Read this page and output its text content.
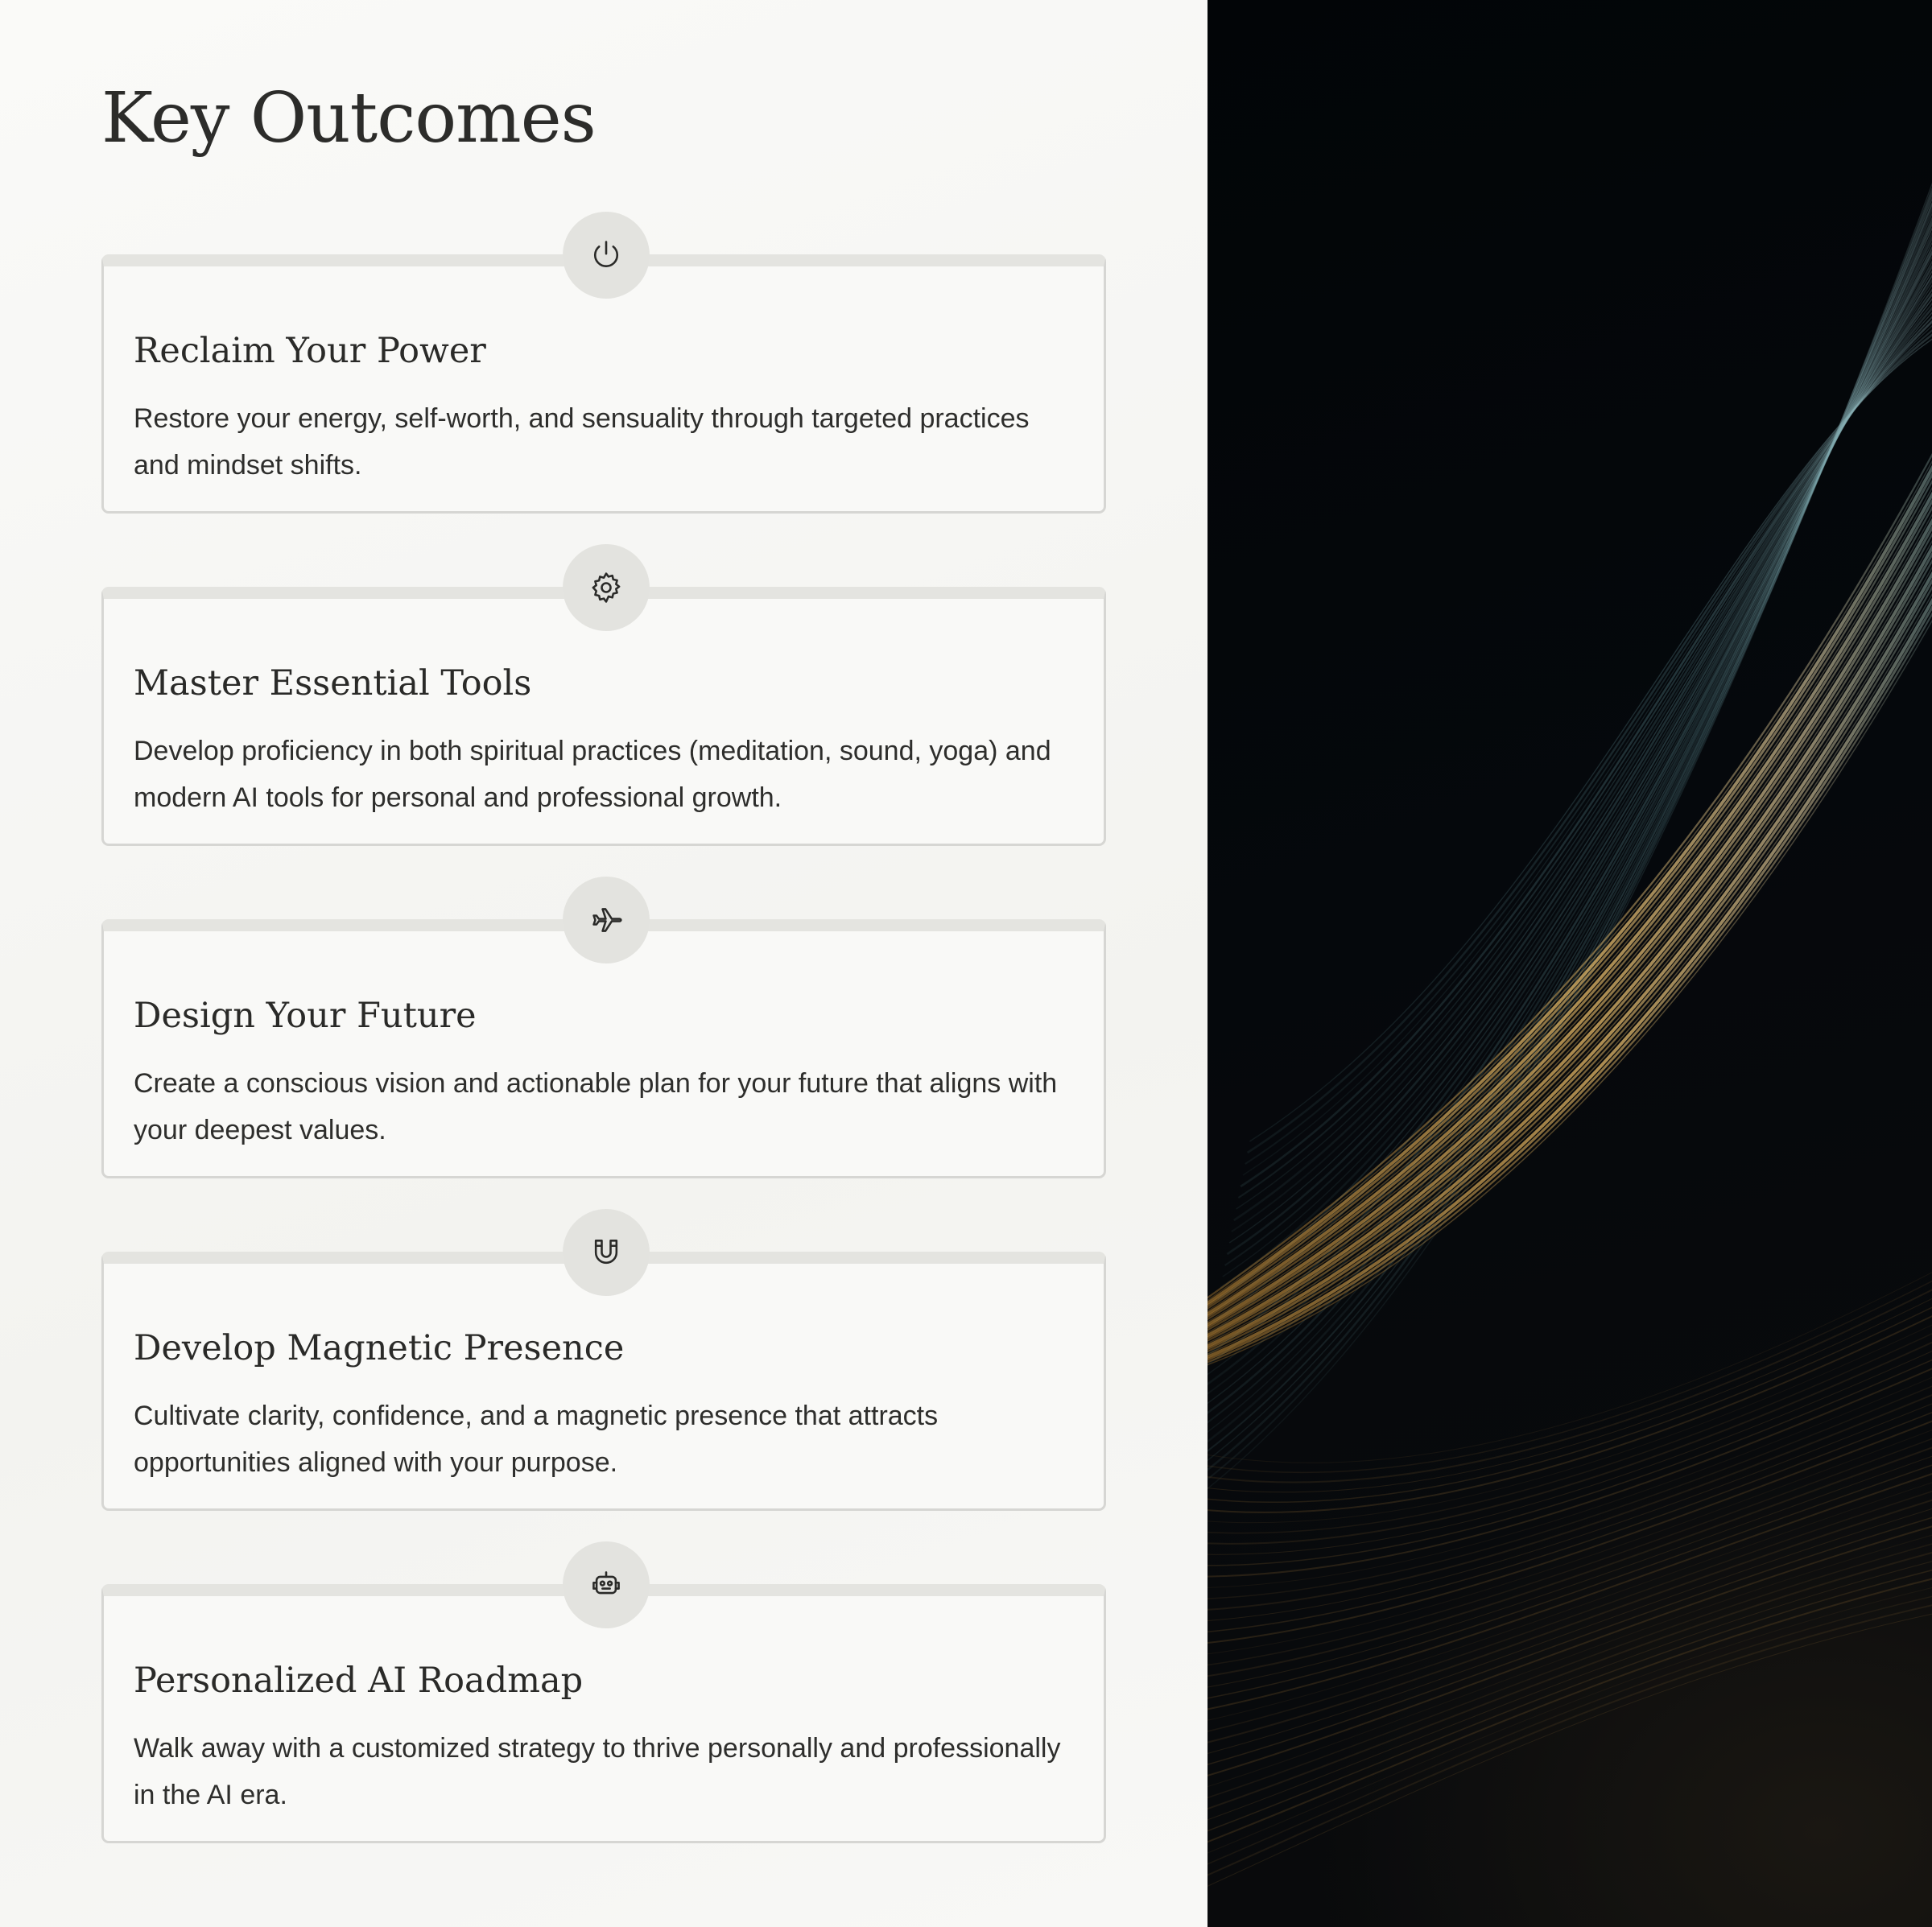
Key Outcomes
Reclaim Your Power

Restore your energy, self-worth, and sensuality through targeted practices and mindset shifts.

Master Essential Tools

Develop proficiency in both spiritual practices (meditation, sound, yoga) and modern AI tools for personal and professional growth.

Design Your Future

Create a conscious vision and actionable plan for your future that aligns with your deepest values.

Develop Magnetic Presence

Cultivate clarity, confidence, and a magnetic presence that attracts opportunities aligned with your purpose.

Personalized AI Roadmap

Walk away with a customized strategy to thrive personally and professionally in the AI era.
